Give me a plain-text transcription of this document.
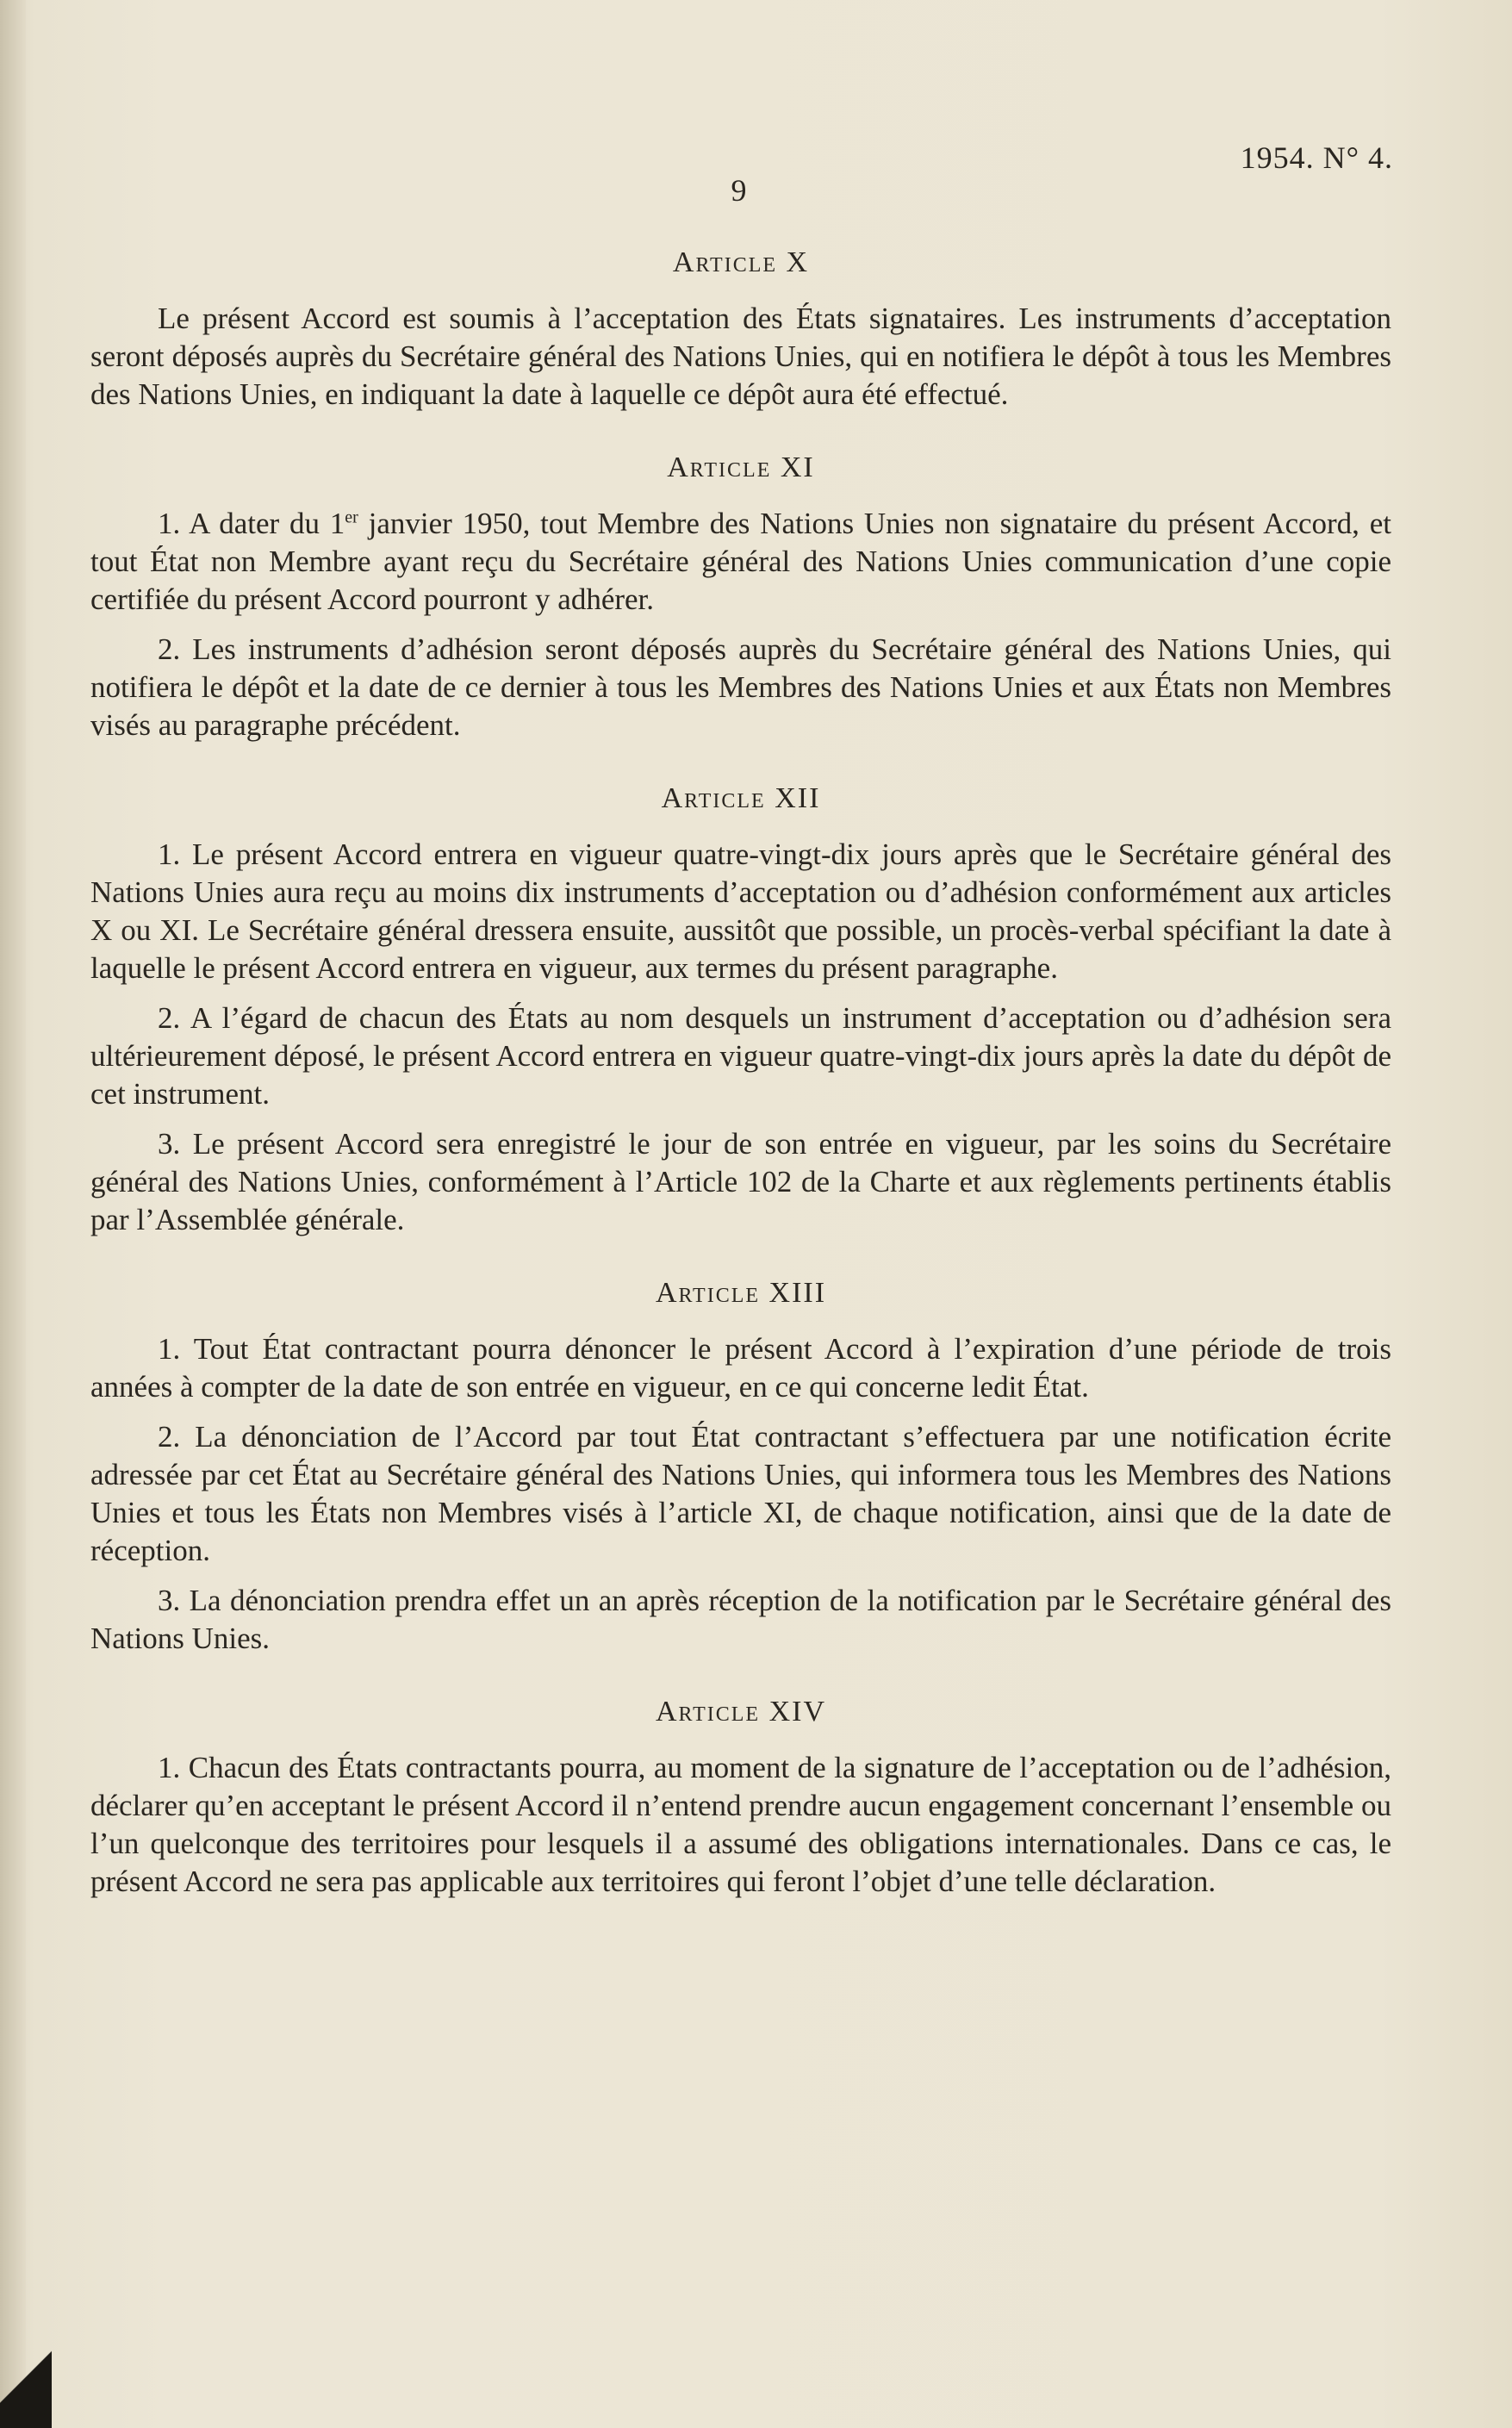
1954. N° 4.
9
Article X

Le présent Accord est soumis à l’acceptation des États signataires. Les instruments d’acceptation seront déposés auprès du Secrétaire général des Nations Unies, qui en notifiera le dépôt à tous les Membres des Nations Unies, en indiquant la date à laquelle ce dépôt aura été effectué.

Article XI

1. A dater du 1er janvier 1950, tout Membre des Nations Unies non signataire du présent Accord, et tout État non Membre ayant reçu du Secrétaire général des Nations Unies communication d’une copie certifiée du présent Accord pourront y adhérer.

2. Les instruments d’adhésion seront déposés auprès du Secrétaire général des Nations Unies, qui notifiera le dépôt et la date de ce dernier à tous les Membres des Nations Unies et aux États non Membres visés au paragraphe précédent.

Article XII

1. Le présent Accord entrera en vigueur quatre-vingt-dix jours après que le Secrétaire général des Nations Unies aura reçu au moins dix instruments d’acceptation ou d’adhésion conformément aux articles X ou XI. Le Secrétaire général dressera ensuite, aussitôt que possible, un procès-verbal spécifiant la date à laquelle le présent Accord entrera en vigueur, aux termes du présent paragraphe.

2. A l’égard de chacun des États au nom desquels un instrument d’acceptation ou d’adhésion sera ultérieurement déposé, le présent Accord entrera en vigueur quatre-vingt-dix jours après la date du dépôt de cet instrument.

3. Le présent Accord sera enregistré le jour de son entrée en vigueur, par les soins du Secrétaire général des Nations Unies, conformément à l’Article 102 de la Charte et aux règlements pertinents établis par l’Assemblée générale.

Article XIII

1. Tout État contractant pourra dénoncer le présent Accord à l’expiration d’une période de trois années à compter de la date de son entrée en vigueur, en ce qui concerne ledit État.

2. La dénonciation de l’Accord par tout État contractant s’effectuera par une notification écrite adressée par cet État au Secrétaire général des Nations Unies, qui informera tous les Membres des Nations Unies et tous les États non Membres visés à l’article XI, de chaque notification, ainsi que de la date de réception.

3. La dénonciation prendra effet un an après réception de la notification par le Secrétaire général des Nations Unies.

Article XIV

1. Chacun des États contractants pourra, au moment de la signature de l’acceptation ou de l’adhésion, déclarer qu’en acceptant le présent Accord il n’entend prendre aucun engagement concernant l’ensemble ou l’un quelconque des territoires pour lesquels il a assumé des obligations internationales. Dans ce cas, le présent Accord ne sera pas applicable aux territoires qui feront l’objet d’une telle déclaration.
